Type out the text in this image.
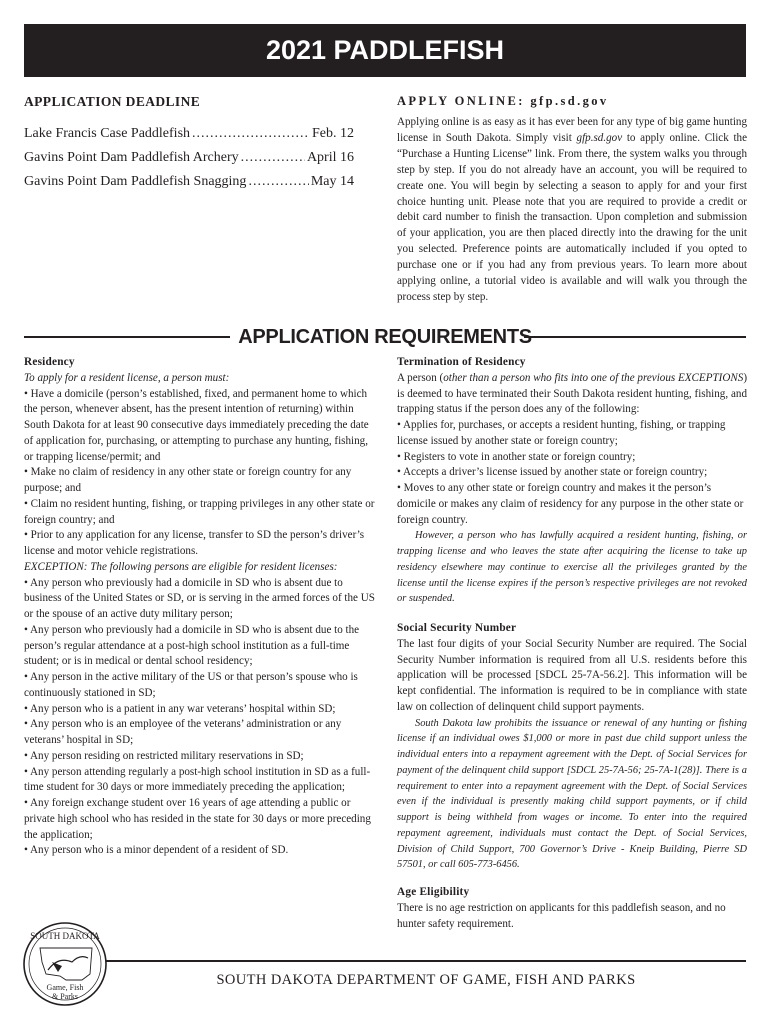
2021 PADDLEFISH
APPLICATION DEADLINE
Lake Francis Case Paddlefish .....	Feb. 12
Gavins Point Dam Paddlefish Archery .....	April 16
Gavins Point Dam Paddlefish Snagging .....	May 14
APPLY ONLINE: gfp.sd.gov

Applying online is as easy as it has ever been for any type of big game hunting license in South Dakota. Simply visit gfp.sd.gov to apply online. Click the “Purchase a Hunting License” link. From there, the system walks you through step by step. If you do not already have an account, you will be required to create one. You will begin by selecting a season to apply for and your first choice hunting unit. Please note that you are required to provide a credit or debit card number to finish the transaction. Upon completion and submission of your application, you are then placed directly into the drawing for the unit you selected. Preference points are automatically included if you opted to purchase one or if you had any from previous years. To learn more about applying online, a tutorial video is available and will walk you through the process step by step.

APPLICATION REQUIREMENTS
Residency
To apply for a resident license, a person must:
• Have a domicile (person’s established, fixed, and permanent home to which the person, whenever absent, has the present intention of returning) within South Dakota for at least 90 consecutive days immediately preceding the date of application for, purchasing, or attempting to purchase any hunting, fishing, or trapping license/permit; and
• Make no claim of residency in any other state or foreign country for any purpose; and
• Claim no resident hunting, fishing, or trapping privileges in any other state or foreign country; and
• Prior to any application for any license, transfer to SD the person’s driver’s license and motor vehicle registrations.
EXCEPTION: The following persons are eligible for resident licenses:
• Any person who previously had a domicile in SD who is absent due to business of the United States or SD, or is serving in the armed forces of the US or the spouse of an active duty military person;
• Any person who previously had a domicile in SD who is absent due to the person’s regular attendance at a post-high school institution as a full-time student; or is in medical or dental school residency;
• Any person in the active military of the US or that person’s spouse who is continuously stationed in SD;
• Any person who is a patient in any war veterans’ hospital within SD;
• Any person who is an employee of the veterans’ administration or any veterans’ hospital in SD;
• Any person residing on restricted military reservations in SD;
• Any person attending regularly a post-high school institution in SD as a full-time student for 30 days or more immediately preceding the application;
• Any foreign exchange student over 16 years of age attending a public or private high school who has resided in the state for 30 days or more preceding the application;
• Any person who is a minor dependent of a resident of SD.
Termination of Residency
A person (other than a person who fits into one of the previous EXCEPTIONS) is deemed to have terminated their South Dakota resident hunting, fishing, and trapping status if the person does any of the following:
• Applies for, purchases, or accepts a resident hunting, fishing, or trapping license issued by another state or foreign country;
• Registers to vote in another state or foreign country;
• Accepts a driver’s license issued by another state or foreign country;
• Moves to any other state or foreign country and makes it the person’s domicile or makes any claim of residency for any purpose in the other state or foreign country.
However, a person who has lawfully acquired a resident hunting, fishing, or trapping license and who leaves the state after acquiring the license to take up residency elsewhere may continue to exercise all the privileges granted by the license until the license expires if the person’s respective privileges are not revoked or suspended.
Social Security Number
The last four digits of your Social Security Number are required. The Social Security Number information is required from all U.S. residents before this application will be processed [SDCL 25-7A-56.2]. This information will be kept confidential. The information is required to be in compliance with state law on collection of delinquent child support payments.
South Dakota law prohibits the issuance or renewal of any hunting or fishing license if an individual owes $1,000 or more in past due child support unless the individual enters into a repayment agreement with the Dept. of Social Services for payment of the delinquent child support [SDCL 25-7A-56; 25-7A-1(28)]. There is a requirement to enter into a repayment agreement with the Dept. of Social Services even if the individual is presently making child support payments, or if child support is being withheld from wages or income. To enter into the required repayment agreement, individuals must contact the Dept. of Social Services, Division of Child Support, 700 Governor’s Drive - Kneip Building, Pierre SD 57501, or call 605-773-6456.
Age Eligibility
There is no age restriction on applicants for this paddlefish season, and no hunter safety requirement.
SOUTH DAKOTA
Game, Fish
& Parks
SOUTH DAKOTA DEPARTMENT OF GAME, FISH AND PARKS
